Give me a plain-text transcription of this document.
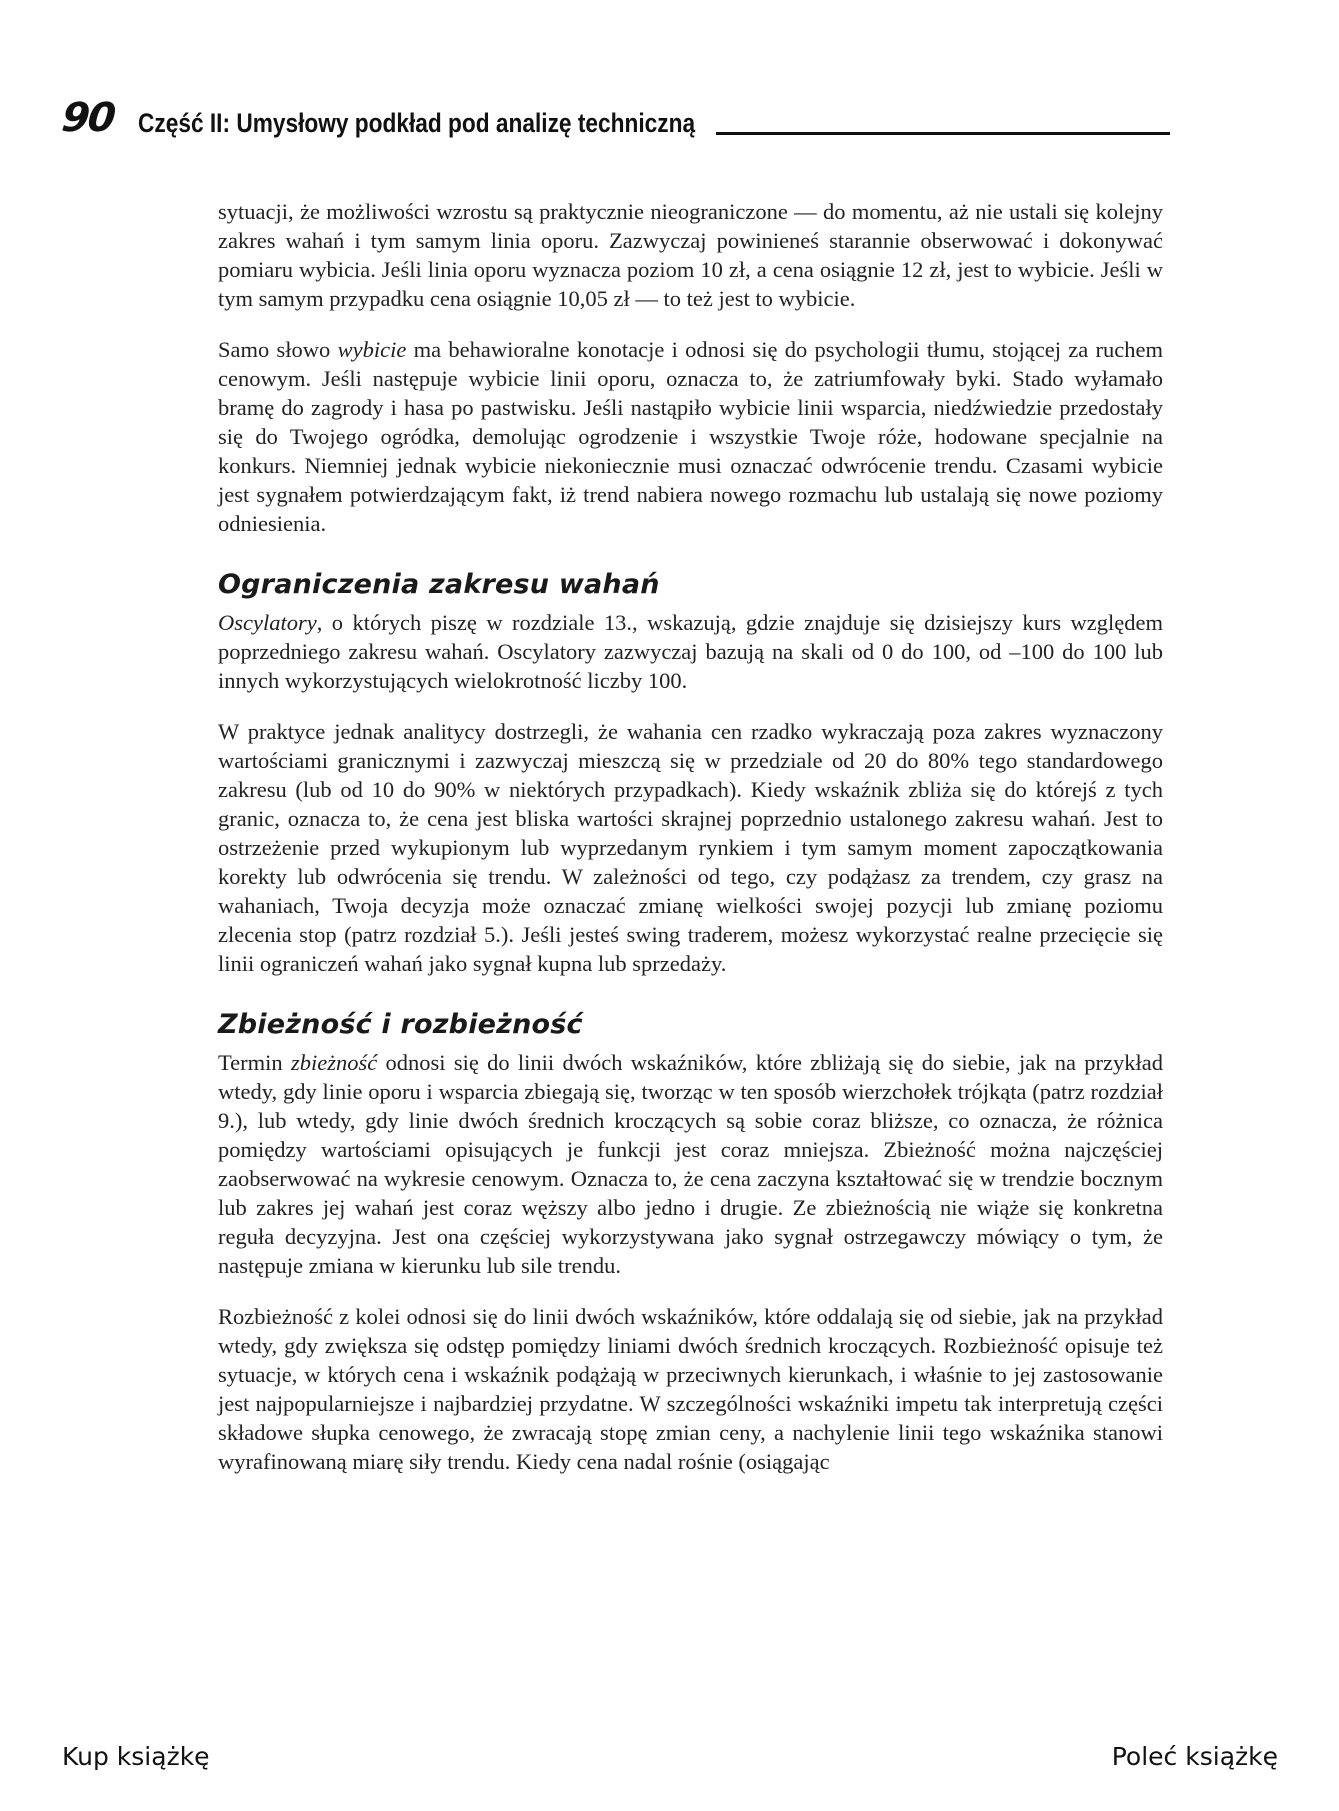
90 Część II: Umysłowy podkład pod analizę techniczną

sytuacji, że możliwości wzrostu są praktycznie nieograniczone — do momentu, aż nie ustali się kolejny zakres wahań i tym samym linia oporu. Zazwyczaj powinieneś starannie obserwować i dokonywać pomiaru wybicia. Jeśli linia oporu wyznacza poziom 10 zł, a cena osiągnie 12 zł, jest to wybicie. Jeśli w tym samym przypadku cena osiągnie 10,05 zł — to też jest to wybicie.

Samo słowo wybicie ma behawioralne konotacje i odnosi się do psychologii tłumu, stojącej za ruchem cenowym. Jeśli następuje wybicie linii oporu, oznacza to, że zatriumfowały byki. Stado wyłamało bramę do zagrody i hasa po pastwisku. Jeśli nastąpiło wybicie linii wsparcia, niedźwiedzie przedostały się do Twojego ogródka, demolując ogrodzenie i wszystkie Twoje róże, hodowane specjalnie na konkurs. Niemniej jednak wybicie niekoniecznie musi oznaczać odwrócenie trendu. Czasami wybicie jest sygnałem potwierdzającym fakt, iż trend nabiera nowego rozmachu lub ustalają się nowe poziomy odniesienia.

Ograniczenia zakresu wahań

Oscylatory, o których piszę w rozdziale 13., wskazują, gdzie znajduje się dzisiejszy kurs względem poprzedniego zakresu wahań. Oscylatory zazwyczaj bazują na skali od 0 do 100, od –100 do 100 lub innych wykorzystujących wielokrotność liczby 100.

W praktyce jednak analitycy dostrzegli, że wahania cen rzadko wykraczają poza zakres wyznaczony wartościami granicznymi i zazwyczaj mieszczą się w przedziale od 20 do 80% tego standardowego zakresu (lub od 10 do 90% w niektórych przypadkach). Kiedy wskaźnik zbliża się do którejś z tych granic, oznacza to, że cena jest bliska wartości skrajnej poprzednio ustalonego zakresu wahań. Jest to ostrzeżenie przed wykupionym lub wyprzedanym rynkiem i tym samym moment zapoczątkowania korekty lub odwrócenia się trendu. W zależności od tego, czy podążasz za trendem, czy grasz na wahaniach, Twoja decyzja może oznaczać zmianę wielkości swojej pozycji lub zmianę poziomu zlecenia stop (patrz rozdział 5.). Jeśli jesteś swing traderem, możesz wykorzystać realne przecięcie się linii ograniczeń wahań jako sygnał kupna lub sprzedaży.

Zbieżność i rozbieżność

Termin zbieżność odnosi się do linii dwóch wskaźników, które zbliżają się do siebie, jak na przykład wtedy, gdy linie oporu i wsparcia zbiegają się, tworząc w ten sposób wierzchołek trójkąta (patrz rozdział 9.), lub wtedy, gdy linie dwóch średnich kroczących są sobie coraz bliższe, co oznacza, że różnica pomiędzy wartościami opisujących je funkcji jest coraz mniejsza. Zbieżność można najczęściej zaobserwować na wykresie cenowym. Oznacza to, że cena zaczyna kształtować się w trendzie bocznym lub zakres jej wahań jest coraz węższy albo jedno i drugie. Ze zbieżnością nie wiąże się konkretna reguła decyzyjna. Jest ona częściej wykorzystywana jako sygnał ostrzegawczy mówiący o tym, że następuje zmiana w kierunku lub sile trendu.

Rozbieżność z kolei odnosi się do linii dwóch wskaźników, które oddalają się od siebie, jak na przykład wtedy, gdy zwiększa się odstęp pomiędzy liniami dwóch średnich kroczących. Rozbieżność opisuje też sytuacje, w których cena i wskaźnik podążają w przeciwnych kierunkach, i właśnie to jej zastosowanie jest najpopularniejsze i najbardziej przydatne. W szczególności wskaźniki impetu tak interpretują części składowe słupka cenowego, że zwracają stopę zmian ceny, a nachylenie linii tego wskaźnika stanowi wyrafinowaną miarę siły trendu. Kiedy cena nadal rośnie (osiągając

Kup książkę	Poleć książkę
